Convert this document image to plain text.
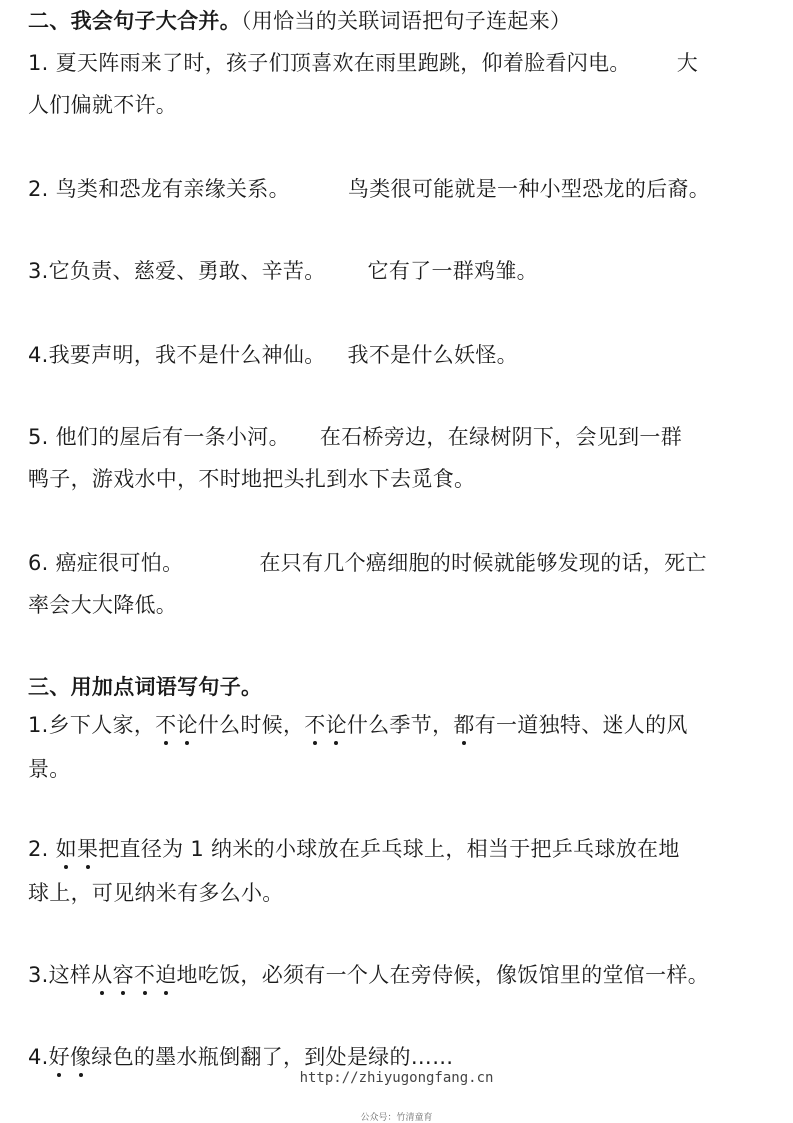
二、我会句子大合并。（用恰当的关联词语把句子连起来）

1. 夏天阵雨来了时，孩子们顶喜欢在雨里跑跳，仰着脸看闪电。 大

人们偏就不许。

2. 鸟类和恐龙有亲缘关系。	鸟类很可能就是一种小型恐龙的后裔。

3.它负责、慈爱、勇敢、辛苦。 它有了一群鸡雏。

4.我要声明，我不是什么神仙。 我不是什么妖怪。

5. 他们的屋后有一条小河。 在石桥旁边，在绿树阴下，会见到一群

鸭子，游戏水中，不时地把头扎到水下去觅食。

6. 癌症很可怕。	在只有几个癌细胞的时候就能够发现的话，死亡

率会大大降低。

三、用加点词语写句子。

1.乡下人家，不论什么时候，不论什么季节，都有一道独特、迷人的风

景。

2. 如果把直径为 1 纳米的小球放在乒乓球上，相当于把乒乓球放在地

球上，可见纳米有多么小。

3.这样从容不迫地吃饭，必须有一个人在旁侍候，像饭馆里的堂倌一样。

4.好像绿色的墨水瓶倒翻了，到处是绿的……

http://zhiyugongfang.cn
公众号：竹清童育
